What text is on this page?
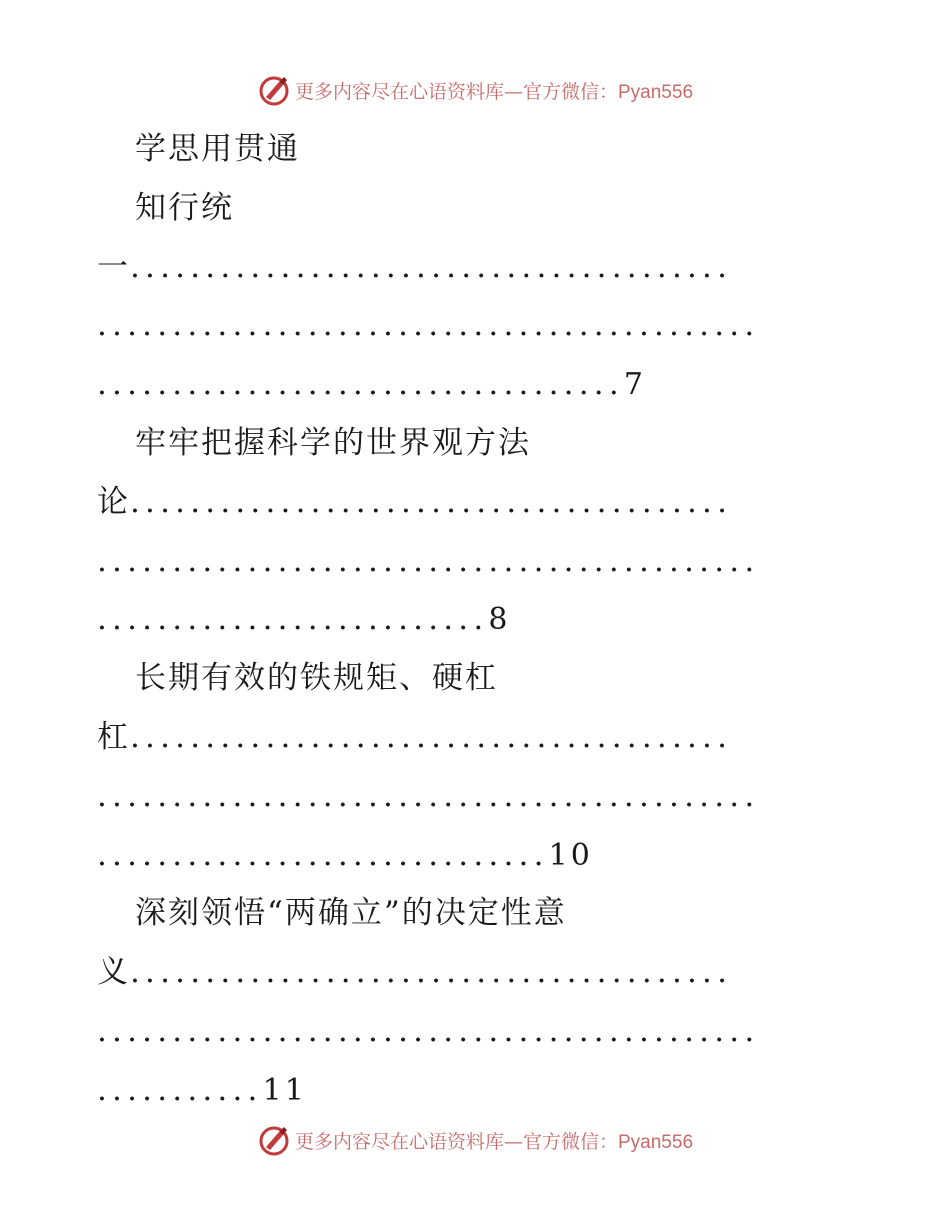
更多内容尽在心语资料库—官方微信：Pyan556
学思用贯通
知行统
一........................................
............................................
...................................7
牢牢把握科学的世界观方法
论........................................
............................................
..........................8
长期有效的铁规矩、硬杠
杠........................................
............................................
..............................10
深刻领悟“两确立”的决定性意
义........................................
............................................
...........11
更多内容尽在心语资料库—官方微信：Pyan556
